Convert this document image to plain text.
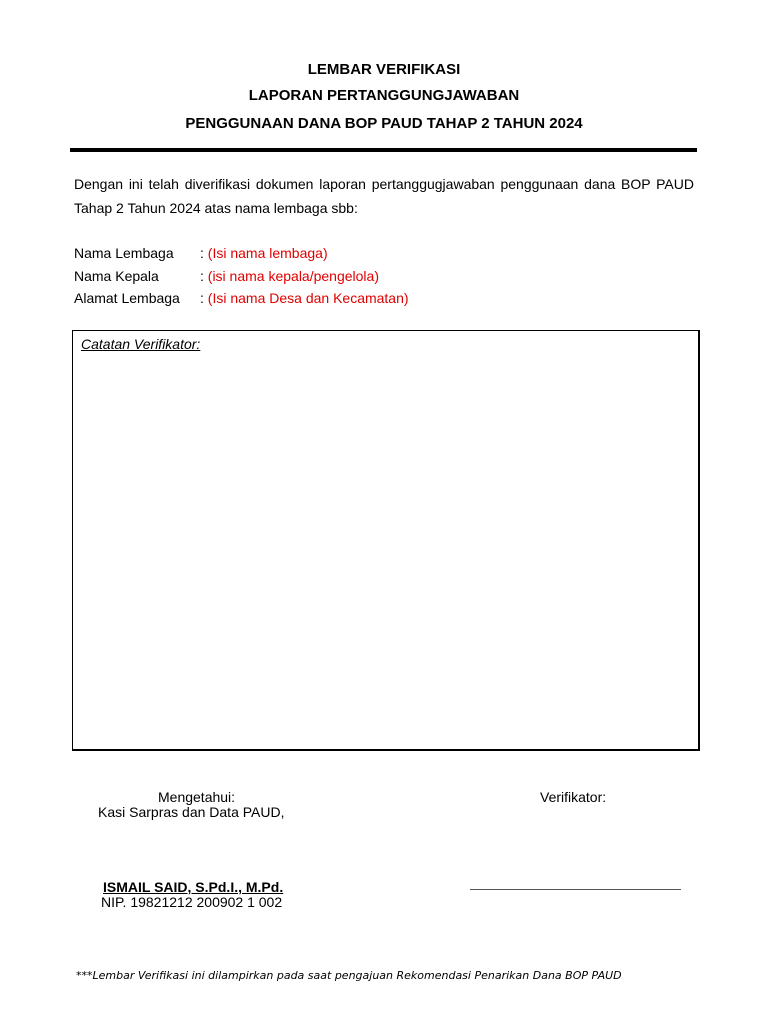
LEMBAR VERIFIKASI
LAPORAN PERTANGGUNGJAWABAN
PENGGUNAAN DANA BOP PAUD TAHAP 2 TAHUN 2024
Dengan ini telah diverifikasi dokumen laporan pertanggugjawaban penggunaan dana BOP PAUD Tahap 2 Tahun 2024 atas nama lembaga sbb:
Nama Lembaga : (Isi nama lembaga)
Nama Kepala	: (isi nama kepala/pengelola)
Alamat Lembaga : (Isi nama Desa dan Kecamatan)
Catatan Verifikator:
Mengetahui:
Kasi Sarpras dan Data PAUD,
Verifikator:
ISMAIL SAID, S.Pd.I., M.Pd.
NIP. 19821212 200902 1 002
***Lembar Verifikasi ini dilampirkan pada saat pengajuan Rekomendasi Penarikan Dana BOP PAUD
